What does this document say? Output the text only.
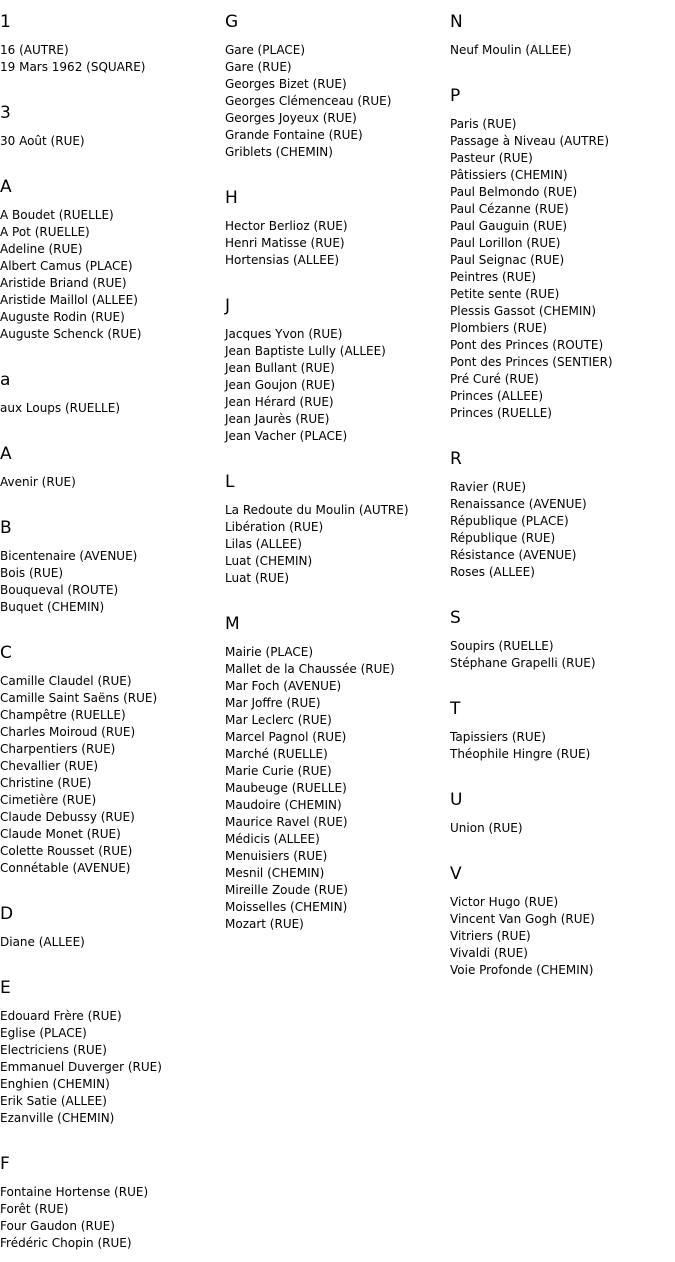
1
16 (AUTRE)
19 Mars 1962 (SQUARE)
3
30 Août (RUE)
A
A Boudet (RUELLE)
A Pot (RUELLE)
Adeline (RUE)
Albert Camus (PLACE)
Aristide Briand (RUE)
Aristide Maillol (ALLEE)
Auguste Rodin (RUE)
Auguste Schenck (RUE)
a
aux Loups (RUELLE)
A
Avenir (RUE)
B
Bicentenaire (AVENUE)
Bois (RUE)
Bouqueval (ROUTE)
Buquet (CHEMIN)
C
Camille Claudel (RUE)
Camille Saint Saëns (RUE)
Champêtre (RUELLE)
Charles Moiroud (RUE)
Charpentiers (RUE)
Chevallier (RUE)
Christine (RUE)
Cimetière (RUE)
Claude Debussy (RUE)
Claude Monet (RUE)
Colette Rousset (RUE)
Connétable (AVENUE)
D
Diane (ALLEE)
E
Edouard Frère (RUE)
Eglise (PLACE)
Electriciens (RUE)
Emmanuel Duverger (RUE)
Enghien (CHEMIN)
Erik Satie (ALLEE)
Ezanville (CHEMIN)
F
Fontaine Hortense (RUE)
Forêt (RUE)
Four Gaudon (RUE)
Frédéric Chopin (RUE)
G
Gare (PLACE)
Gare (RUE)
Georges Bizet (RUE)
Georges Clémenceau (RUE)
Georges Joyeux (RUE)
Grande Fontaine (RUE)
Griblets (CHEMIN)
H
Hector Berlioz (RUE)
Henri Matisse (RUE)
Hortensias (ALLEE)
J
Jacques Yvon (RUE)
Jean Baptiste Lully (ALLEE)
Jean Bullant (RUE)
Jean Goujon (RUE)
Jean Hérard (RUE)
Jean Jaurès (RUE)
Jean Vacher (PLACE)
L
La Redoute du Moulin (AUTRE)
Libération (RUE)
Lilas (ALLEE)
Luat (CHEMIN)
Luat (RUE)
M
Mairie (PLACE)
Mallet de la Chaussée (RUE)
Mar Foch (AVENUE)
Mar Joffre (RUE)
Mar Leclerc (RUE)
Marcel Pagnol (RUE)
Marché (RUELLE)
Marie Curie (RUE)
Maubeuge (RUELLE)
Maudoire (CHEMIN)
Maurice Ravel (RUE)
Médicis (ALLEE)
Menuisiers (RUE)
Mesnil (CHEMIN)
Mireille Zoude (RUE)
Moisselles (CHEMIN)
Mozart (RUE)
N
Neuf Moulin (ALLEE)
P
Paris (RUE)
Passage à Niveau (AUTRE)
Pasteur (RUE)
Pâtissiers (CHEMIN)
Paul Belmondo (RUE)
Paul Cézanne (RUE)
Paul Gauguin (RUE)
Paul Lorillon (RUE)
Paul Seignac (RUE)
Peintres (RUE)
Petite sente (RUE)
Plessis Gassot (CHEMIN)
Plombiers (RUE)
Pont des Princes (ROUTE)
Pont des Princes (SENTIER)
Pré Curé (RUE)
Princes (ALLEE)
Princes (RUELLE)
R
Ravier (RUE)
Renaissance (AVENUE)
République (PLACE)
République (RUE)
Résistance (AVENUE)
Roses (ALLEE)
S
Soupirs (RUELLE)
Stéphane Grapelli (RUE)
T
Tapissiers (RUE)
Théophile Hingre (RUE)
U
Union (RUE)
V
Victor Hugo (RUE)
Vincent Van Gogh (RUE)
Vitriers (RUE)
Vivaldi (RUE)
Voie Profonde (CHEMIN)
